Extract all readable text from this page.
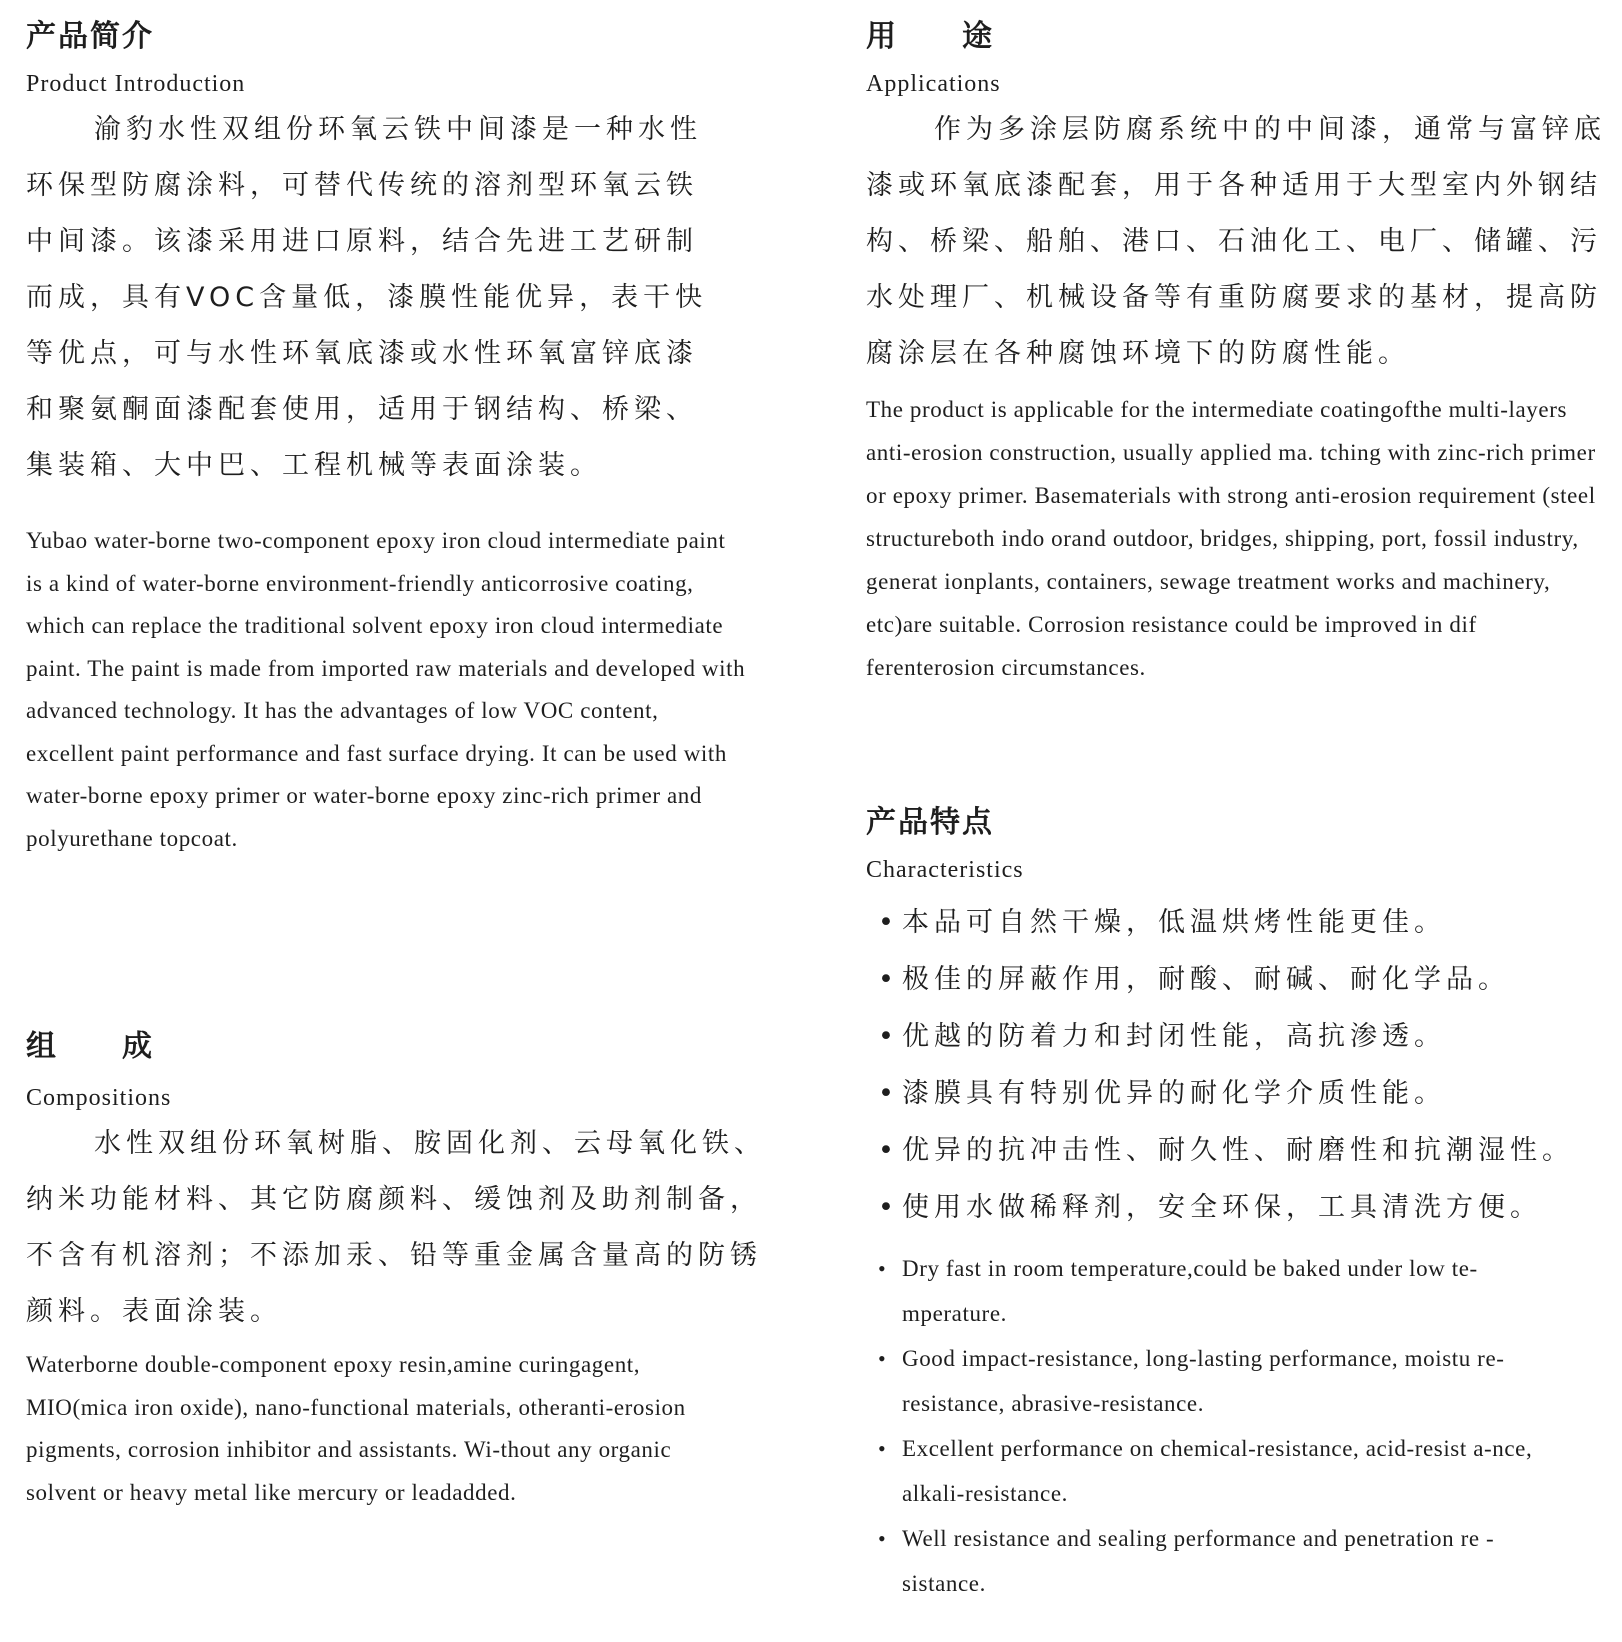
产品简介

Product Introduction

渝豹水性双组份环氧云铁中间漆是一种水性环保型防腐涂料，可替代传统的溶剂型环氧云铁中间漆。该漆采用进口原料，结合先进工艺研制而成，具有VOC含量低，漆膜性能优异，表干快等优点，可与水性环氧底漆或水性环氧富锌底漆和聚氨酮面漆配套使用，适用于钢结构、桥梁、集装箱、大中巴、工程机械等表面涂装。

Yubao water-borne two-component epoxy iron cloud intermediate paint is a kind of water-borne environment-friendly anticorrosive coating, which can replace the traditional solvent epoxy iron cloud intermediate paint. The paint is made from imported raw materials and developed with advanced technology. It has the advantages of low VOC content, excellent paint performance and fast surface drying. It can be used with water-borne epoxy primer or water-borne epoxy zinc-rich primer and polyurethane topcoat.

组　　成

Compositions

水性双组份环氧树脂、胺固化剂、云母氧化铁、纳米功能材料、其它防腐颜料、缓蚀剂及助剂制备，不含有机溶剂；不添加汞、铅等重金属含量高的防锈颜料。表面涂装。

Waterborne double-component epoxy resin,amine curingagent, MIO(mica iron oxide), nano-functional materials, otheranti-erosion pigments, corrosion inhibitor and assistants. Wi-thout any organic solvent or heavy metal like mercury or leadadded.

用　　途

Applications

作为多涂层防腐系统中的中间漆，通常与富锌底漆或环氧底漆配套，用于各种适用于大型室内外钢结构、桥梁、船舶、港口、石油化工、电厂、储罐、污水处理厂、机械设备等有重防腐要求的基材，提高防腐涂层在各种腐蚀环境下的防腐性能。

The product is applicable for the intermediate coatingofthe multi-layers anti-erosion construction, usually applied ma. tching with zinc-rich primer or epoxy primer. Basematerials with strong anti-erosion requirement (steel structureboth indo orand outdoor, bridges, shipping, port, fossil industry, generat ionplants, containers, sewage treatment works and machinery, etc)are suitable. Corrosion resistance could be improved in dif ferenterosion circumstances.

产品特点

Characteristics

• 本品可自然干燥，低温烘烤性能更佳。
• 极佳的屏蔽作用，耐酸、耐碱、耐化学品。
• 优越的防着力和封闭性能，高抗渗透。
• 漆膜具有特别优异的耐化学介质性能。
• 优异的抗冲击性、耐久性、耐磨性和抗潮湿性。
• 使用水做稀释剂，安全环保，工具清洗方便。
• Dry fast in room temperature,could be baked under low te-mperature.
• Good impact-resistance, long-lasting performance, moistu re-resistance, abrasive-resistance.
• Excellent performance on chemical-resistance, acid-resist a-nce, alkali-resistance.
• Well resistance and sealing performance and penetration re -sistance.
